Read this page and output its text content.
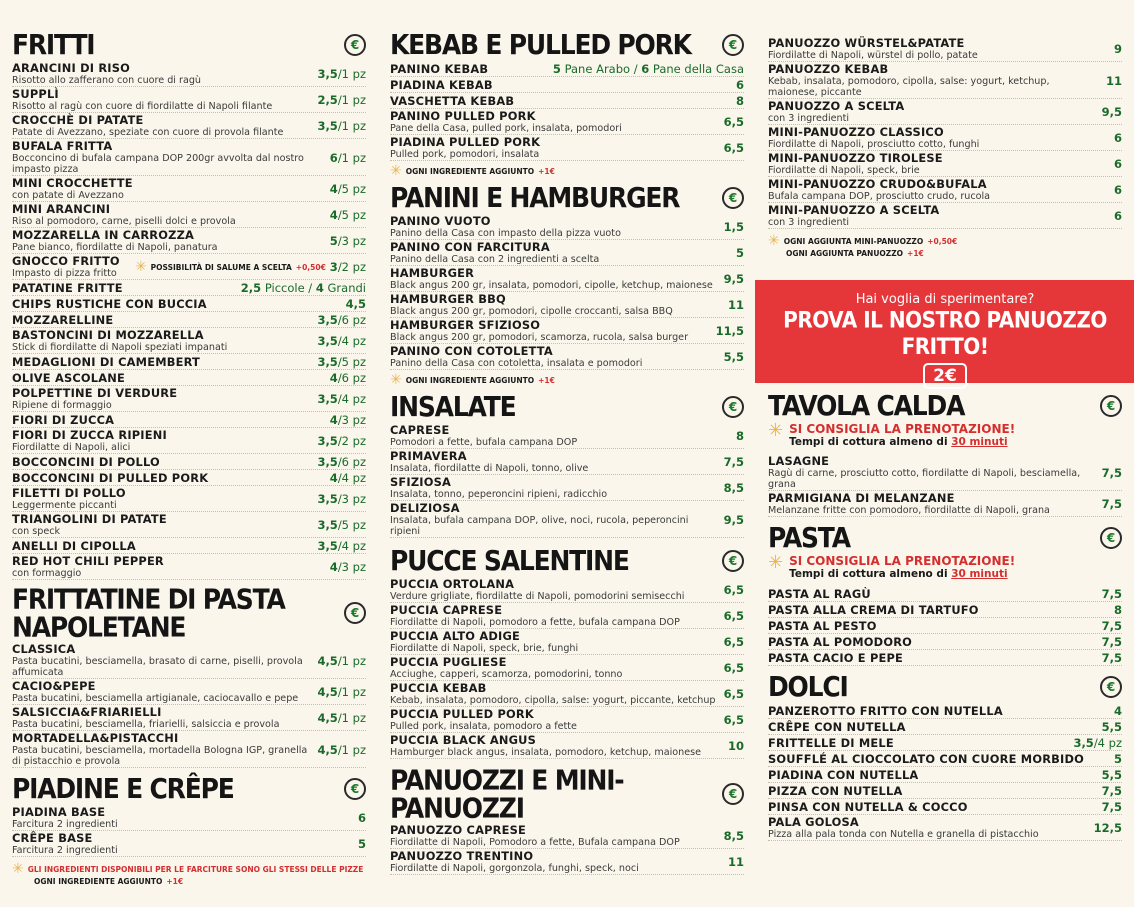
FRITTI	€
ARANCINI DI RISO
Risotto allo zafferano con cuore di ragù	3,5/1 pz
SUPPLÌ
Risotto al ragù con cuore di fiordilatte di Napoli filante	2,5/1 pz
CROCCHÈ DI PATATE
Patate di Avezzano, speziate con cuore di provola filante	3,5/1 pz
BUFALA FRITTA
Bocconcino di bufala campana DOP 200gr avvolta dal nostro impasto pizza
6/1 pz
MINI CROCCHETTE
con patate di Avezzano	4/5 pz
MINI ARANCINI
Riso al pomodoro, carne, piselli dolci e provola	4/5 pz
MOZZARELLA IN CARROZZA
Pane bianco, fiordilatte di Napoli, panatura	5/3 pz
GNOCCO FRITTO
Impasto di pizza fritto	✳ POSSIBILITÀ DI SALUME A SCELTA +0,50€ 3/2 pz
PATATINE FRITTE	2,5 Piccole / 4 Grandi
CHIPS RUSTICHE CON BUCCIA	4,5
MOZZARELLINE	3,5/6 pz
BASTONCINI DI MOZZARELLA
Stick di fiordilatte di Napoli speziati impanati	3,5/4 pz
MEDAGLIONI DI CAMEMBERT	3,5/5 pz
OLIVE ASCOLANE	4/6 pz
POLPETTINE DI VERDURE
Ripiene di formaggio	3,5/4 pz
FIORI DI ZUCCA	4/3 pz
FIORI DI ZUCCA RIPIENI
Fiordilatte di Napoli, alici	3,5/2 pz
BOCCONCINI DI POLLO	3,5/6 pz
BOCCONCINI DI PULLED PORK	4/4 pz
FILETTI DI POLLO
Leggermente piccanti	3,5/3 pz
TRIANGOLINI DI PATATE
con speck	3,5/5 pz
ANELLI DI CIPOLLA	3,5/4 pz
RED HOT CHILI PEPPER
con formaggio	4/3 pz
FRITTATINE DI PASTA NAPOLETANE	€
CLASSICA
Pasta bucatini, besciamella, brasato di carne, piselli, provola affumicata
4,5/1 pz
CACIO&PEPE
Pasta bucatini, besciamella artigianale, caciocavallo e pepe	4,5/1 pz
SALSICCIA&FRIARIELLI
Pasta bucatini, besciamella, friarielli, salsiccia e provola	4,5/1 pz
MORTADELLA&PISTACCHI
Pasta bucatini, besciamella, mortadella Bologna IGP, granella di pistacchio e provola
4,5/1 pz
PIADINE E CRÊPE	€
PIADINA BASE
Farcitura 2 ingredienti	6
CRÊPE BASE
Farcitura 2 ingredienti	5
✳ GLI INGREDIENTI DISPONIBILI PER LE FARCITURE SONO GLI STESSI DELLE PIZZE
OGNI INGREDIENTE AGGIUNTO +1€
KEBAB E PULLED PORK	€
PANINO KEBAB	5 Pane Arabo / 6 Pane della Casa
PIADINA KEBAB	6
VASCHETTA KEBAB	8
PANINO PULLED PORK
Pane della Casa, pulled pork, insalata, pomodori	6,5
PIADINA PULLED PORK
Pulled pork, pomodori, insalata	6,5
✳ OGNI INGREDIENTE AGGIUNTO +1€
PANINI E HAMBURGER	€
PANINO VUOTO
Panino della Casa con impasto della pizza vuoto	1,5
PANINO CON FARCITURA
Panino della Casa con 2 ingredienti a scelta	5
HAMBURGER
Black angus 200 gr, insalata, pomodori, cipolle, ketchup, maionese 9,5
HAMBURGER BBQ
Black angus 200 gr, pomodori, cipolle croccanti, salsa BBQ	11
HAMBURGER SFIZIOSO
Black angus 200 gr, pomodori, scamorza, rucola, salsa burger	11,5
PANINO CON COTOLETTA
Panino della Casa con cotoletta, insalata e pomodori	5,5
✳ OGNI INGREDIENTE AGGIUNTO +1€
INSALATE	€
CAPRESE
Pomodori a fette, bufala campana DOP	8
PRIMAVERA
Insalata, fiordilatte di Napoli, tonno, olive	7,5
SFIZIOSA
Insalata, tonno, peperoncini ripieni, radicchio	8,5
DELIZIOSA
Insalata, bufala campana DOP, olive, noci, rucola, peperoncini ripieni
9,5
PUCCE SALENTINE	€
PUCCIA ORTOLANA
Verdure grigliate, fiordilatte di Napoli, pomodorini semisecchi	6,5
PUCCIA CAPRESE
Fiordilatte di Napoli, pomodoro a fette, bufala campana DOP	6,5
PUCCIA ALTO ADIGE
Fiordilatte di Napoli, speck, brie, funghi	6,5
PUCCIA PUGLIESE
Acciughe, capperi, scamorza, pomodorini, tonno	6,5
PUCCIA KEBAB
Kebab, insalata, pomodoro, cipolla, salse: yogurt, piccante, ketchup 6,5
PUCCIA PULLED PORK
Pulled pork, insalata, pomodoro a fette	6,5
PUCCIA BLACK ANGUS
Hamburger black angus, insalata, pomodoro, ketchup, maionese	10
PANUOZZI E MINI-PANUOZZI	€
PANUOZZO CAPRESE
Fiordilatte di Napoli, Pomodoro a fette, Bufala campana DOP	8,5
PANUOZZO TRENTINO
Fiordilatte di Napoli, gorgonzola, funghi, speck, noci	11
PANUOZZO WÜRSTEL&PATATE
Fiordilatte di Napoli, würstel di pollo, patate	9
PANUOZZO KEBAB
Kebab, insalata, pomodoro, cipolla, salse: yogurt, ketchup, maionese, piccante
11
PANUOZZO A SCELTA
con 3 ingredienti	9,5
MINI-PANUOZZO CLASSICO
Fiordilatte di Napoli, prosciutto cotto, funghi	6
MINI-PANUOZZO TIROLESE
Fiordilatte di Napoli, speck, brie	6
MINI-PANUOZZO CRUDO&BUFALA
Bufala campana DOP, prosciutto crudo, rucola	6
MINI-PANUOZZO A SCELTA
con 3 ingredienti	6
✳ OGNI AGGIUNTA MINI-PANUOZZO +0,50€
OGNI AGGIUNTA PANUOZZO +1€
Hai voglia di sperimentare?
PROVA IL NOSTRO PANUOZZO FRITTO!
2€
TAVOLA CALDA	€
✳ SI CONSIGLIA LA PRENOTAZIONE!
Tempi di cottura almeno di 30 minuti
LASAGNE
Ragù di carne, prosciutto cotto, fiordilatte di Napoli, besciamella, grana
7,5
PARMIGIANA DI MELANZANE
Melanzane fritte con pomodoro, fiordilatte di Napoli, grana	7,5
PASTA	€
✳ SI CONSIGLIA LA PRENOTAZIONE!
Tempi di cottura almeno di 30 minuti
PASTA AL RAGÙ	7,5
PASTA ALLA CREMA DI TARTUFO	8
PASTA AL PESTO	7,5
PASTA AL POMODORO	7,5
PASTA CACIO E PEPE	7,5
DOLCI	€
PANZEROTTO FRITTO CON NUTELLA	4
CRÊPE CON NUTELLA	5,5
FRITTELLE DI MELE	3,5/4 pz
SOUFFLÉ AL CIOCCOLATO CON CUORE MORBIDO	5
PIADINA CON NUTELLA	5,5
PIZZA CON NUTELLA	7,5
PINSA CON NUTELLA & COCCO	7,5
PALA GOLOSA
Pizza alla pala tonda con Nutella e granella di pistacchio	12,5
